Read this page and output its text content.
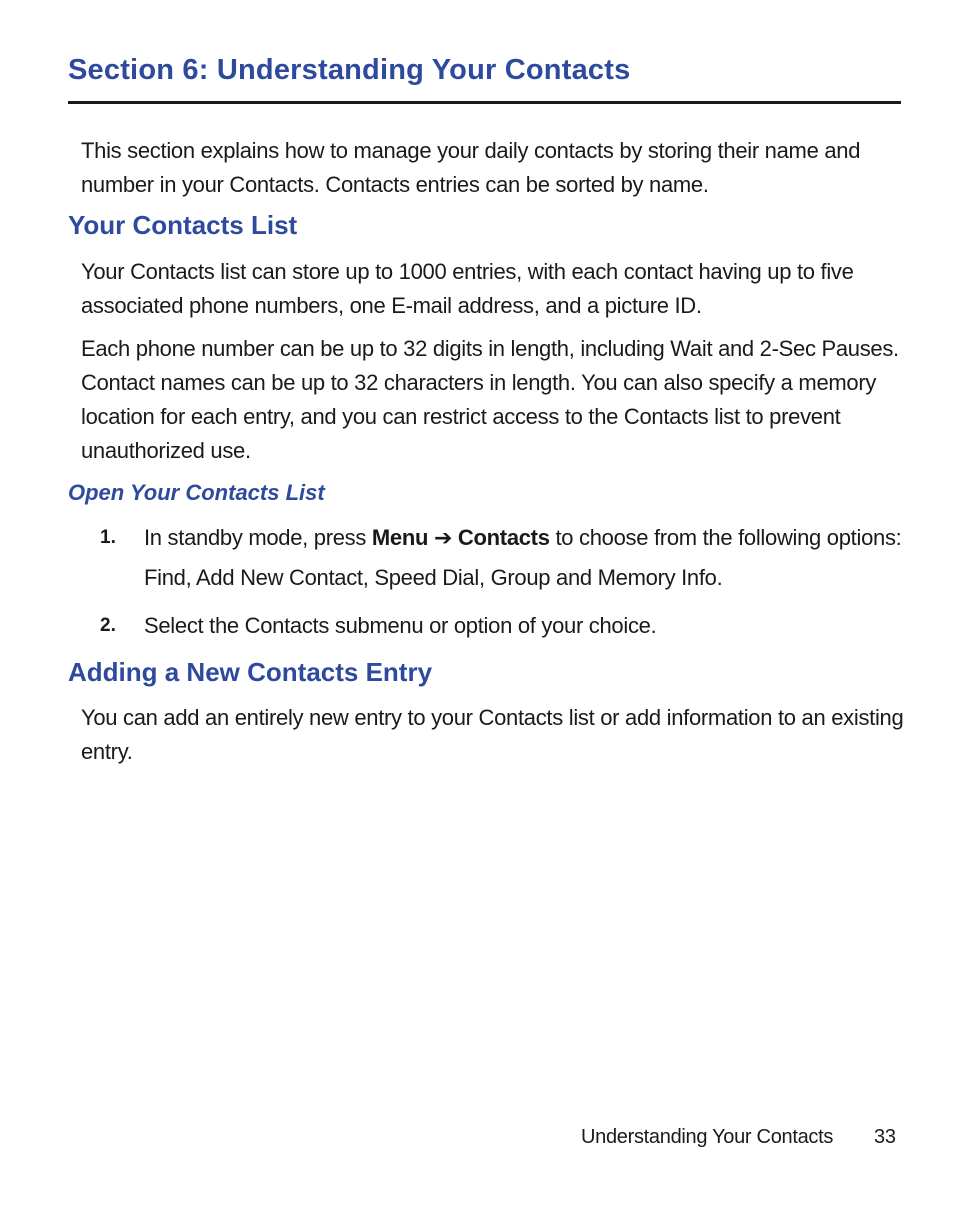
Section 6: Understanding Your Contacts

This section explains how to manage your daily contacts by storing their name and number in your Contacts. Contacts entries can be sorted by name.

Your Contacts List

Your Contacts list can store up to 1000 entries, with each contact having up to five associated phone numbers, one E-mail address, and a picture ID.

Each phone number can be up to 32 digits in length, including Wait and 2-Sec Pauses. Contact names can be up to 32 characters in length. You can also specify a memory location for each entry, and you can restrict access to the Contacts list to prevent unauthorized use.

Open Your Contacts List
1. In standby mode, press Menu ➔ Contacts to choose from the following options: Find, Add New Contact, Speed Dial, Group and Memory Info.

2. Select the Contacts submenu or option of your choice.

Adding a New Contacts Entry

You can add an entirely new entry to your Contacts list or add information to an existing entry.

Understanding Your Contacts 33
